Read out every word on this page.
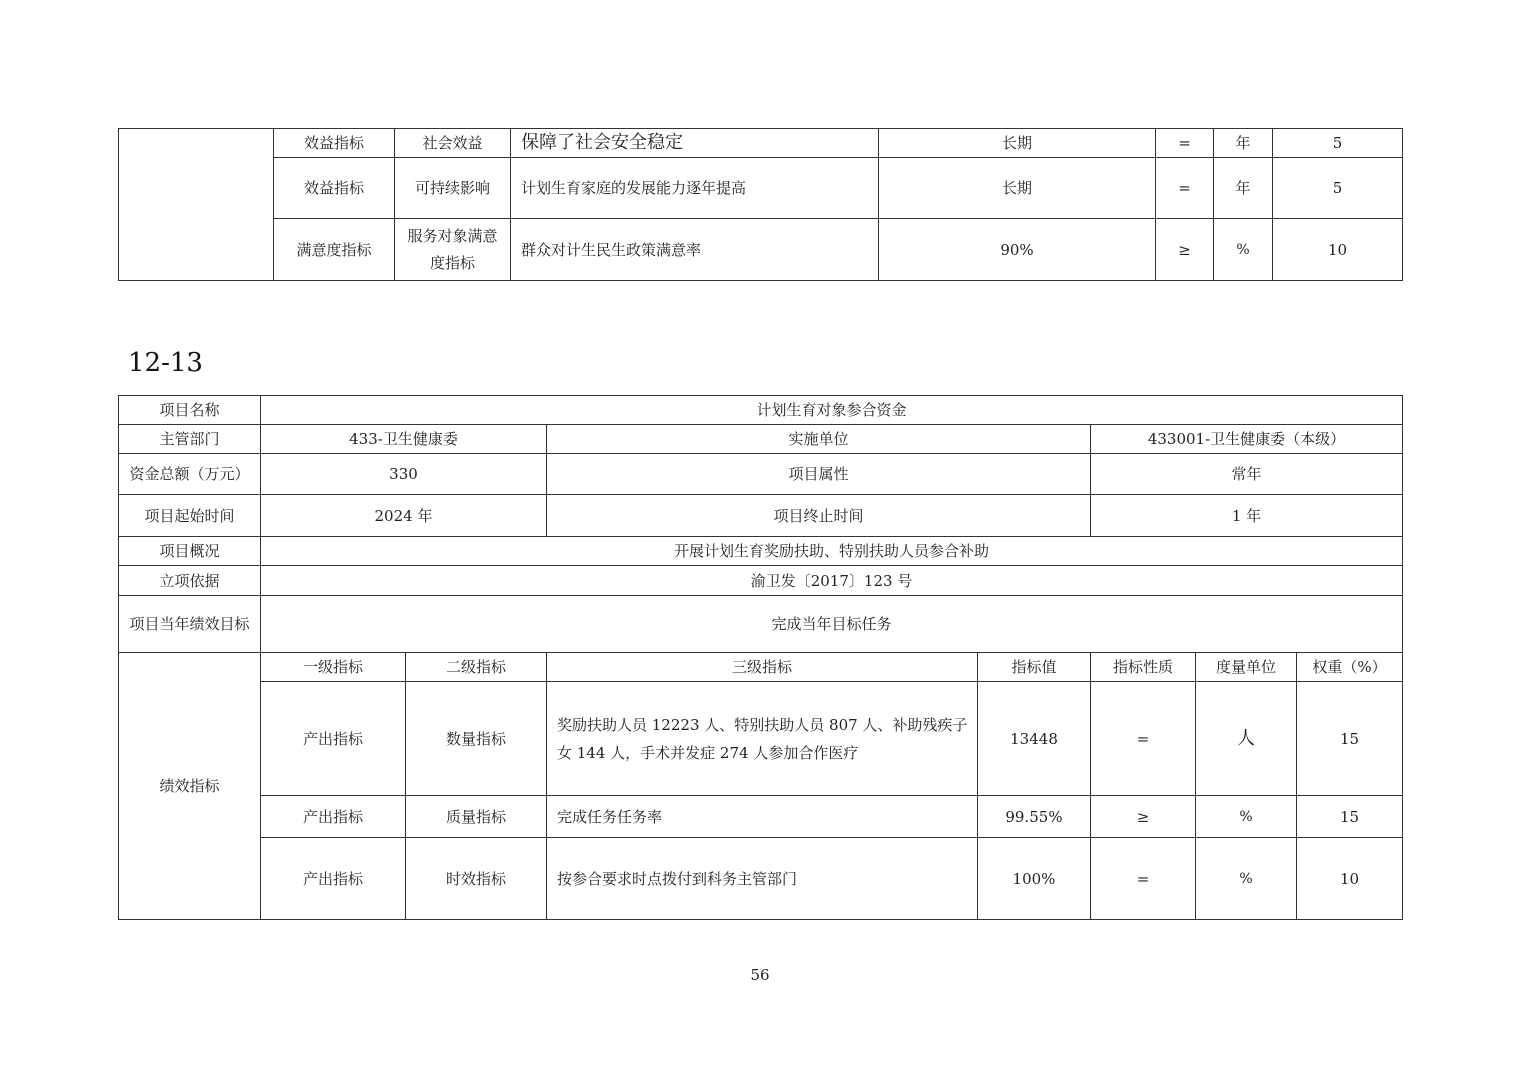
	效益指标	社会效益	保障了社会安全稳定	长期	=	年	5
	效益指标	可持续影响	计划生育家庭的发展能力逐年提高	长期	=	年	5
	满意度指标	服务对象满意度指标	群众对计生民生政策满意率	90%	≥	%	10
12-13
项目名称	计划生育对象参合资金						
主管部门	433-卫生健康委		实施单位		433001-卫生健康委（本级）		
资金总额（万元）	330		项目属性		常年		
项目起始时间	2024 年		项目终止时间		1 年		
项目概况	开展计划生育奖励扶助、特别扶助人员参合补助						
立项依据	渝卫发〔2017〕123 号						
项目当年绩效目标	完成当年目标任务						
绩效指标	一级指标	二级指标	三级指标	指标值	指标性质	度量单位	权重（%）
	产出指标	数量指标	奖励扶助人员 12223 人、特别扶助人员 807 人、补助残疾子女 144 人，手术并发症 274 人参加合作医疗	13448	=	人	15
	产出指标	质量指标	完成任务任务率	99.55%	≥	%	15
	产出指标	时效指标	按参合要求时点拨付到科务主管部门	100%	=	%	10
56
